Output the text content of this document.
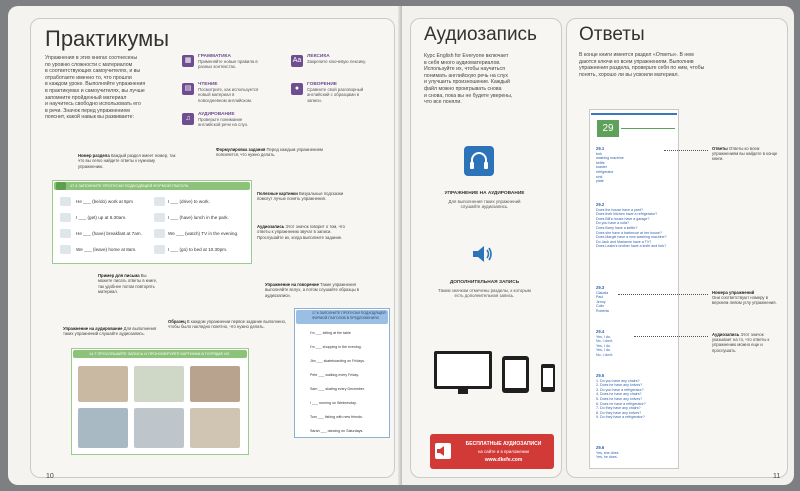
Практикумы
Упражнения в этих книгах соотнесены
по уровню сложности с материалом
в соответствующих самоучителях, и вы
отработаете именно то, что прошли
в каждом уроке. Выполняйте упражнения
в практикумах и самоучителях, вы лучше
запомните пройденный материал
и научитесь свободно использовать его
в речи. Значок перед упражнением
пояснит, какой навык вы развиваете:
▦
ГРАММАТИКА
Применяйте новые правила в разных контекстах.
Aa
ЛЕКСИКА
Закрепите ключевую лексику.
▤
ЧТЕНИЕ
Посмотрите, как используется новый материал в повседневном английском.
●
ГОВОРЕНИЕ
Сравните свой разговорный английский с образцами в записи.
♫
АУДИРОВАНИЕ
Проверьте понимание английской речи на слух.
Номер раздела Каждый раздел имеет номер, так что вы легко найдете ответы к нужному упражнению.
Формулировка задания Перед каждым упражнением поясняется, что нужно делать.
17.4 ЗАПОЛНИТЕ ПРОПУСКИ ПОДХОДЯЩЕЙ ФОРМОЙ ГЛАГОЛА
He ___ (be/do) work at 5pm
I ___ (get) up at 6.30am.
He ___ (have) breakfast at 7am.
We ___ (leave) home at 8am.
I ___ (drive) to work.
I ___ (have) lunch in the park.
We ___ (watch) TV in the evening.
I ___ (go) to bed at 10.30pm.
Полезные картинки Визуальные подсказки помогут лучше понять упражнения.
Аудиозапись Этот значок говорит о том, что ответы к упражнению звучат в записи. Прослушайте их, когда выполните задание.
Пример для письма Вы можете писать ответы в книге, так удобнее потом повторять материал.
Упражнение на говорение Такие упражнения выполняйте вслух, а потом слушайте образцы в аудиозаписи.
Упражнение на аудирование Для выполнения таких упражнений слушайте аудиозапись.
Образец В каждом упражнении первое задание выполнено, чтобы было наглядно понятно, что нужно делать.
14.7 ПРОСЛУШАЙТЕ ЗАПИСЬ И ПРОНУМЕРУЙТЕ КАРТИНКИ В ПОРЯДКЕ ИХ ОПИСАНИЯ
17.6 ЗАПОЛНИТЕ ПРОПУСКИ ПОДХОДЯЩЕЙ ФОРМОЙ ГЛАГОЛОВ В ПРЕДЛОЖЕНИЯХ
I'm ___ sitting at the table
I'm ___ shopping in the evening.
Jim ___ skateboarding on Fridays.
Pete ___ walking every Friday.
Sam ___ skating every December.
I ___ running on Wednesday.
Tom ___ fishing with new friends.
Sarah ___ dancing on Saturdays.
10
Аудиозапись
Курс English for Everyone включает
в себя много аудиоматериалов.
Используйте их, чтобы научиться
понимать английскую речь на слух
и улучшить произношение. Каждый
файл можно проигрывать снова
и снова, пока вы не будете уверены,
что все поняли.
УПРАЖНЕНИЕ НА АУДИРОВАНИЕ
Для выполнения таких упражнений
слушайте аудиозапись.
ДОПОЛНИТЕЛЬНАЯ ЗАПИСЬ
Таким значком отмечены разделы, к которым
есть дополнительная запись.
БЕСПЛАТНЫЕ АУДИОЗАПИСИ
на сайте и в приложении
www.dkefe.com
Ответы
В конце книги имеется раздел «Ответы». В нем
даются ключи ко всем упражнениям. Выполнив
упражнения раздела, проверьте себя по ним, чтобы
понять, хорошо ли вы усвоили материал.
29
29.1
fork
washing machine
kettle
toaster
refrigerator
sink
plate
29.2
Does the house have a yard?
Does their kitchen have a refrigerator?
Does Bill's house have a garage?
Do you have a sofa?
Does Barry have a kettle?
Does she have a barbecue at her house?
Does Margie have a new washing machine?
Do Jack and Marianne have a TV?
Does Leaks's brother have a knife and fork?
29.3
Claudia
Paul
Jenny
Colin
Roberta
29.4
Yes, I do.
No, I don't.
Yes, I do.
Yes, I do.
No, I don't.
29.5
1. Do you have any chairs?
2. Does he have any knives?
3. Do you have a refrigerator?
4. Does he have any chairs?
5. Does he have any knives?
6. Does he have a refrigerator?
7. Do they have any chairs?
8. Do they have any knives?
9. Do they have a refrigerator?
29.6
Yes, she does.
Yes, he does.
Ответы Ответы ко всем упражнениям вы найдете в конце книги.
Номера упражнений
Они соответствуют номеру в верхнем левом углу упражнения.
Аудиозапись Этот значок указывает на то, что ответы к упражнению можно еще и прослушать.
11
